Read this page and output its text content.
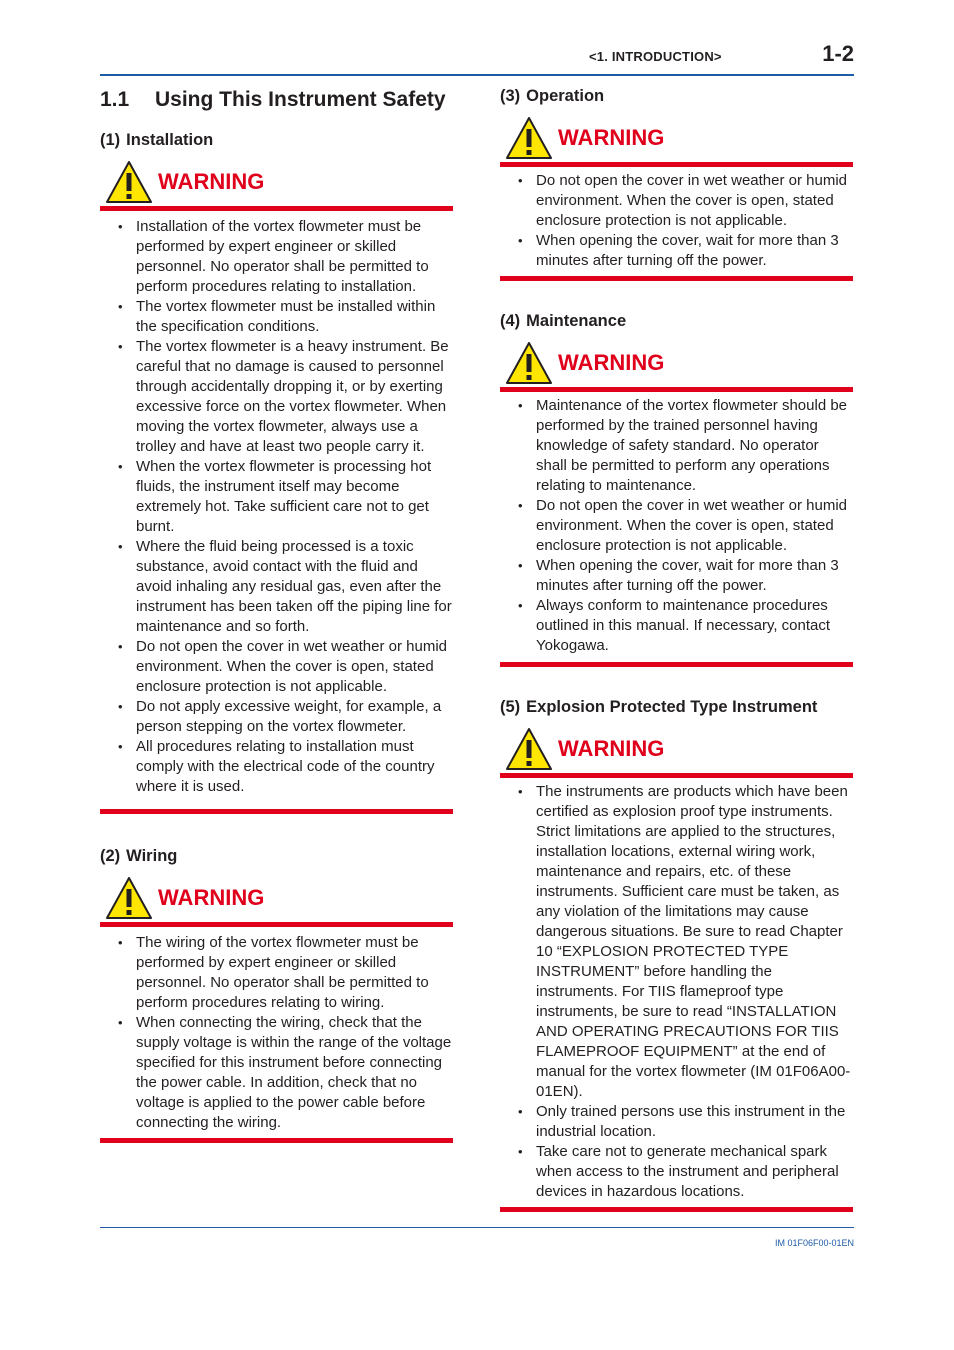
<1. INTRODUCTION>	1-2
1.1 Using This Instrument Safety
(1) Installation
WARNING
• Installation of the vortex flowmeter must be performed by expert engineer or skilled personnel. No operator shall be permitted to perform procedures relating to installation.
• The vortex flowmeter must be installed within the specification conditions.
• The vortex flowmeter is a heavy instrument. Be careful that no damage is caused to personnel through accidentally dropping it, or by exerting excessive force on the vortex flowmeter. When moving the vortex flowmeter, always use a trolley and have at least two people carry it.
• When the vortex flowmeter is processing hot fluids, the instrument itself may become extremely hot. Take sufficient care not to get burnt.
• Where the fluid being processed is a toxic substance, avoid contact with the fluid and avoid inhaling any residual gas, even after the instrument has been taken off the piping line for maintenance and so forth.
• Do not open the cover in wet weather or humid environment. When the cover is open, stated enclosure protection is not applicable.
• Do not apply excessive weight, for example, a person stepping on the vortex flowmeter.
• All procedures relating to installation must comply with the electrical code of the country where it is used.
(2) Wiring
WARNING
• The wiring of the vortex flowmeter must be performed by expert engineer or skilled personnel. No operator shall be permitted to perform procedures relating to wiring.
• When connecting the wiring, check that the supply voltage is within the range of the voltage specified for this instrument before connecting the power cable. In addition, check that no voltage is applied to the power cable before connecting the wiring.
(3) Operation
WARNING
• Do not open the cover in wet weather or humid environment. When the cover is open, stated enclosure protection is not applicable.
• When opening the cover, wait for more than 3 minutes after turning off the power.
(4) Maintenance
WARNING
• Maintenance of the vortex flowmeter should be performed by the trained personnel having knowledge of safety standard. No operator shall be permitted to perform any operations relating to maintenance.
• Do not open the cover in wet weather or humid environment. When the cover is open, stated enclosure protection is not applicable.
• When opening the cover, wait for more than 3 minutes after turning off the power.
• Always conform to maintenance procedures outlined in this manual. If necessary, contact Yokogawa.
(5) Explosion Protected Type Instrument
WARNING
• The instruments are products which have been certified as explosion proof type instruments. Strict limitations are applied to the structures, installation locations, external wiring work, maintenance and repairs, etc. of these instruments. Sufficient care must be taken, as any violation of the limitations may cause dangerous situations. Be sure to read Chapter 10 “EXPLOSION PROTECTED TYPE INSTRUMENT” before handling the instruments. For TIIS flameproof type instruments, be sure to read “INSTALLATION AND OPERATING PRECAUTIONS FOR TIIS FLAMEPROOF EQUIPMENT” at the end of manual for the vortex flowmeter (IM 01F06A00-01EN).
• Only trained persons use this instrument in the industrial location.
• Take care not to generate mechanical spark when access to the instrument and peripheral devices in hazardous locations.
IM 01F06F00-01EN
